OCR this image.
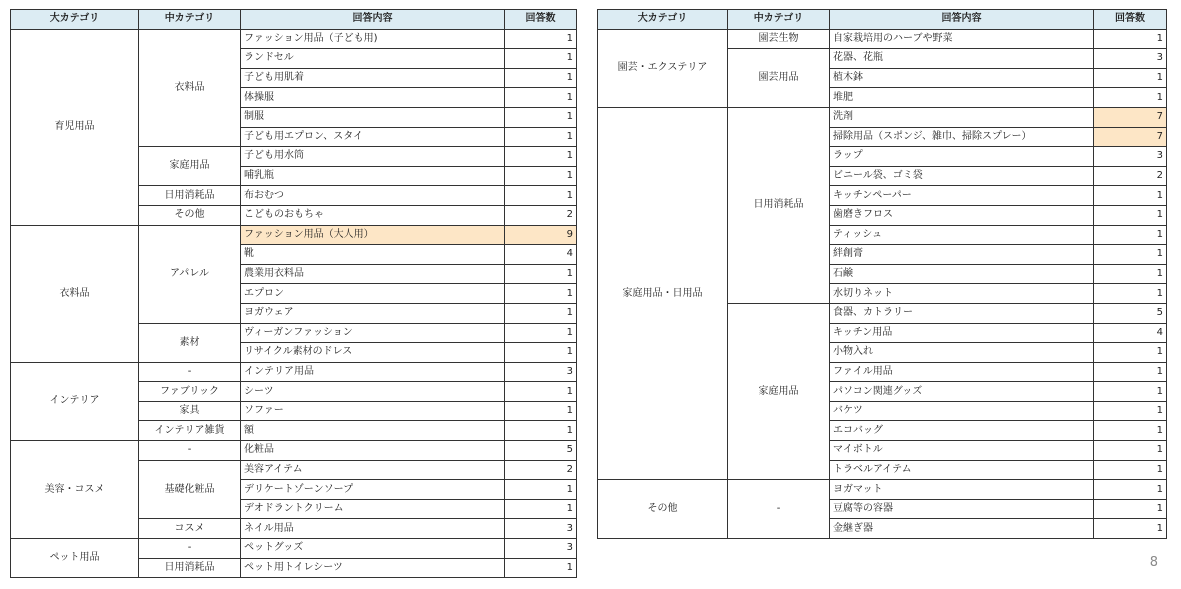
大カテゴリ	中カテゴリ	回答内容	回答数
育児用品	衣料品	ファッション用品（子ども用)	1
		ランドセル	1
		子ども用肌着	1
		体操服	1
		制服	1
		子ども用エプロン、スタイ	1
	家庭用品	子ども用水筒	1
		哺乳瓶	1
	日用消耗品	布おむつ	1
	その他	こどものおもちゃ	2
衣料品	アパレル	ファッション用品（大人用）	9
		靴	4
		農業用衣料品	1
		エプロン	1
		ヨガウェア	1
	素材	ヴィーガンファッション	1
		リサイクル素材のドレス	1
インテリア	-	インテリア用品	3
	ファブリック	シーツ	1
	家具	ソファー	1
	インテリア雑貨	額	1
美容・コスメ	-	化粧品	5
	基礎化粧品	美容アイテム	2
		デリケートゾーンソープ	1
		デオドラントクリーム	1
	コスメ	ネイル用品	3
ペット用品	-	ペットグッズ	3
	日用消耗品	ペット用トイレシーツ	1
大カテゴリ	中カテゴリ	回答内容	回答数
園芸・エクステリア	園芸生物	自家栽培用のハーブや野菜	1
	園芸用品	花器、花瓶	3
		植木鉢	1
		堆肥	1
家庭用品・日用品	日用消耗品	洗剤	7
		掃除用品（スポンジ、雑巾、掃除スプレー）	7
		ラップ	3
		ビニール袋、ゴミ袋	2
		キッチンペーパー	1
		歯磨きフロス	1
		ティッシュ	1
		絆創膏	1
		石鹸	1
		水切りネット	1
	家庭用品	食器、カトラリー	5
		キッチン用品	4
		小物入れ	1
		ファイル用品	1
		パソコン関連グッズ	1
		バケツ	1
		エコバッグ	1
		マイボトル	1
		トラベルアイテム	1
その他	-	ヨガマット	1
		豆腐等の容器	1
		金継ぎ器	1
8
